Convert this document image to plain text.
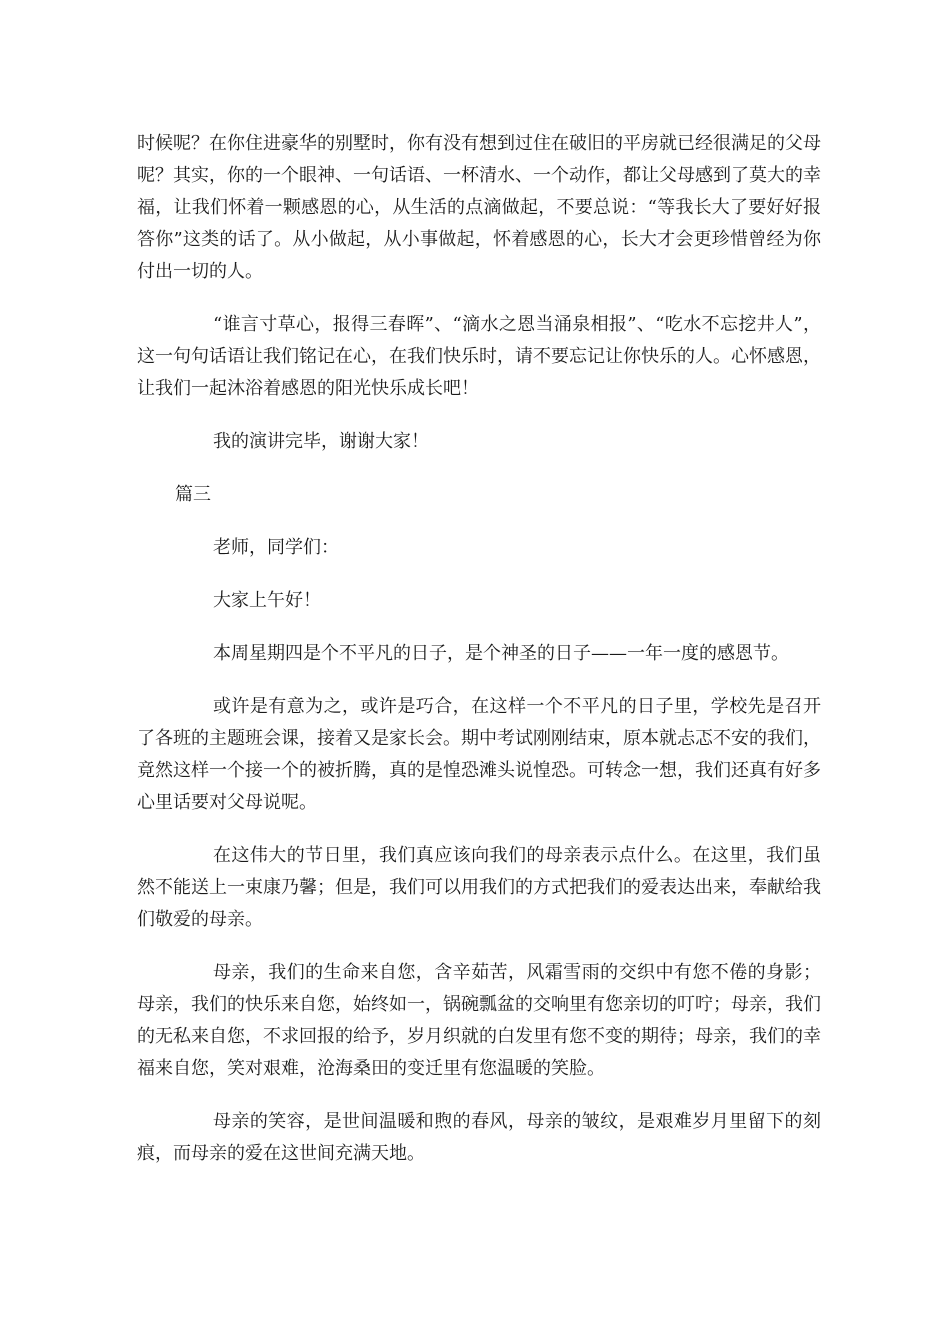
时候呢？在你住进豪华的别墅时，你有没有想到过住在破旧的平房就已经很满足的父母呢？其实，你的一个眼神、一句话语、一杯清水、一个动作，都让父母感到了莫大的幸福，让我们怀着一颗感恩的心，从生活的点滴做起，不要总说：“等我长大了要好好报答你”这类的话了。从小做起，从小事做起，怀着感恩的心，长大才会更珍惜曾经为你付出一切的人。

“谁言寸草心，报得三春晖”、“滴水之恩当涌泉相报”、“吃水不忘挖井人”，这一句句话语让我们铭记在心，在我们快乐时，请不要忘记让你快乐的人。心怀感恩，让我们一起沐浴着感恩的阳光快乐成长吧！

我的演讲完毕，谢谢大家！

篇三

老师，同学们：

大家上午好！

本周星期四是个不平凡的日子，是个神圣的日子——一年一度的感恩节。

或许是有意为之，或许是巧合，在这样一个不平凡的日子里，学校先是召开了各班的主题班会课，接着又是家长会。期中考试刚刚结束，原本就忐忑不安的我们，竟然这样一个接一个的被折腾，真的是惶恐滩头说惶恐。可转念一想，我们还真有好多心里话要对父母说呢。

在这伟大的节日里，我们真应该向我们的母亲表示点什么。在这里，我们虽然不能送上一束康乃馨；但是，我们可以用我们的方式把我们的爱表达出来，奉献给我们敬爱的母亲。

母亲，我们的生命来自您，含辛茹苦，风霜雪雨的交织中有您不倦的身影；母亲，我们的快乐来自您，始终如一，锅碗瓢盆的交响里有您亲切的叮咛；母亲，我们的无私来自您，不求回报的给予，岁月织就的白发里有您不变的期待；母亲，我们的幸福来自您，笑对艰难，沧海桑田的变迁里有您温暖的笑脸。

母亲的笑容，是世间温暖和煦的春风，母亲的皱纹，是艰难岁月里留下的刻痕，而母亲的爱在这世间充满天地。
